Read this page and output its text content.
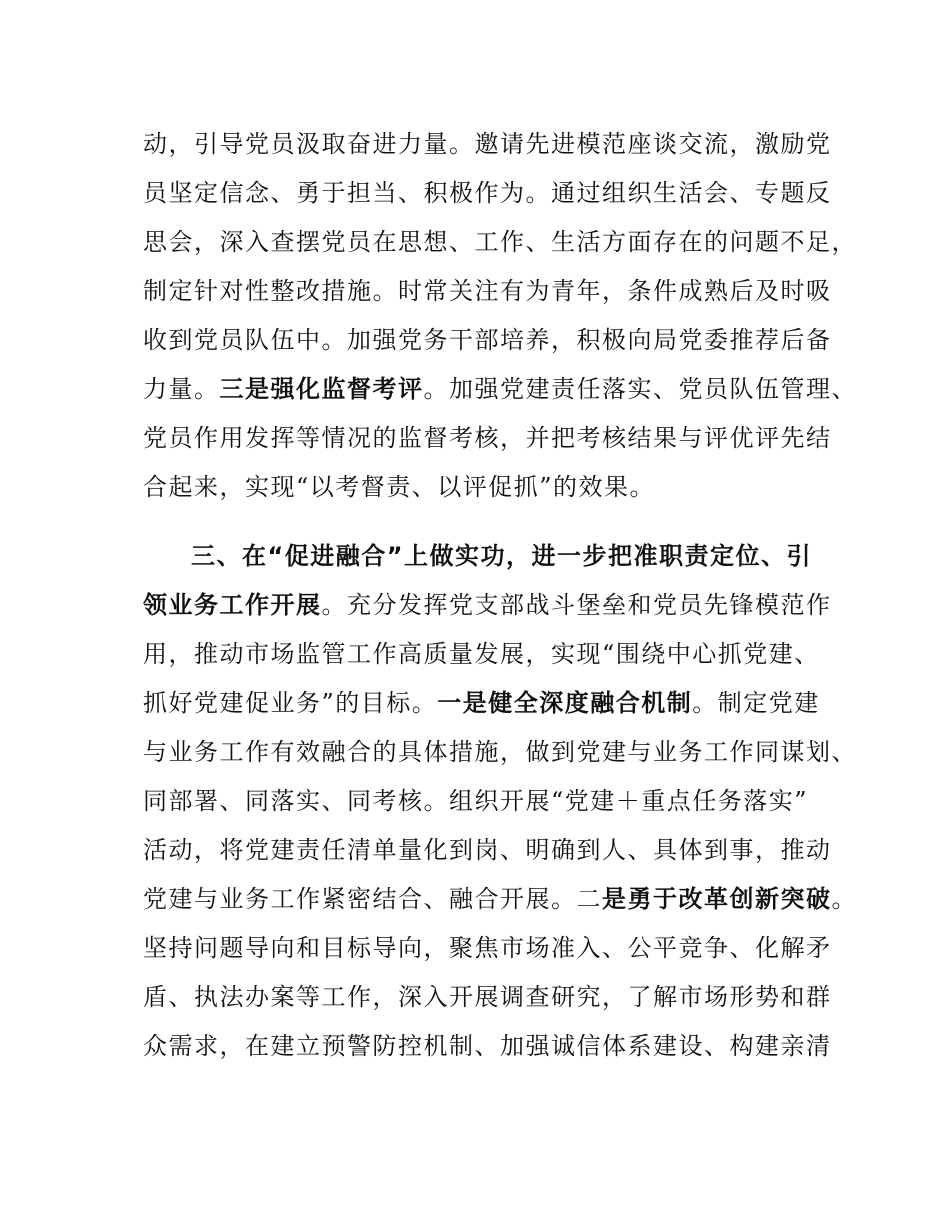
动，引导党员汲取奋进力量。邀请先进模范座谈交流，激励党
员坚定信念、勇于担当、积极作为。通过组织生活会、专题反
思会，深入查摆党员在思想、工作、生活方面存在的问题不足，
制定针对性整改措施。时常关注有为青年，条件成熟后及时吸
收到党员队伍中。加强党务干部培养，积极向局党委推荐后备
力量。三是强化监督考评。加强党建责任落实、党员队伍管理、
党员作用发挥等情况的监督考核，并把考核结果与评优评先结
合起来，实现“以考督责、以评促抓”的效果。
三、在“促进融合”上做实功，进一步把准职责定位、引
领业务工作开展。充分发挥党支部战斗堡垒和党员先锋模范作
用，推动市场监管工作高质量发展，实现“围绕中心抓党建、
抓好党建促业务”的目标。一是健全深度融合机制。制定党建
与业务工作有效融合的具体措施，做到党建与业务工作同谋划、
同部署、同落实、同考核。组织开展“党建＋重点任务落实”
活动，将党建责任清单量化到岗、明确到人、具体到事，推动
党建与业务工作紧密结合、融合开展。二是勇于改革创新突破。
坚持问题导向和目标导向，聚焦市场准入、公平竞争、化解矛
盾、执法办案等工作，深入开展调查研究，了解市场形势和群
众需求，在建立预警防控机制、加强诚信体系建设、构建亲清
